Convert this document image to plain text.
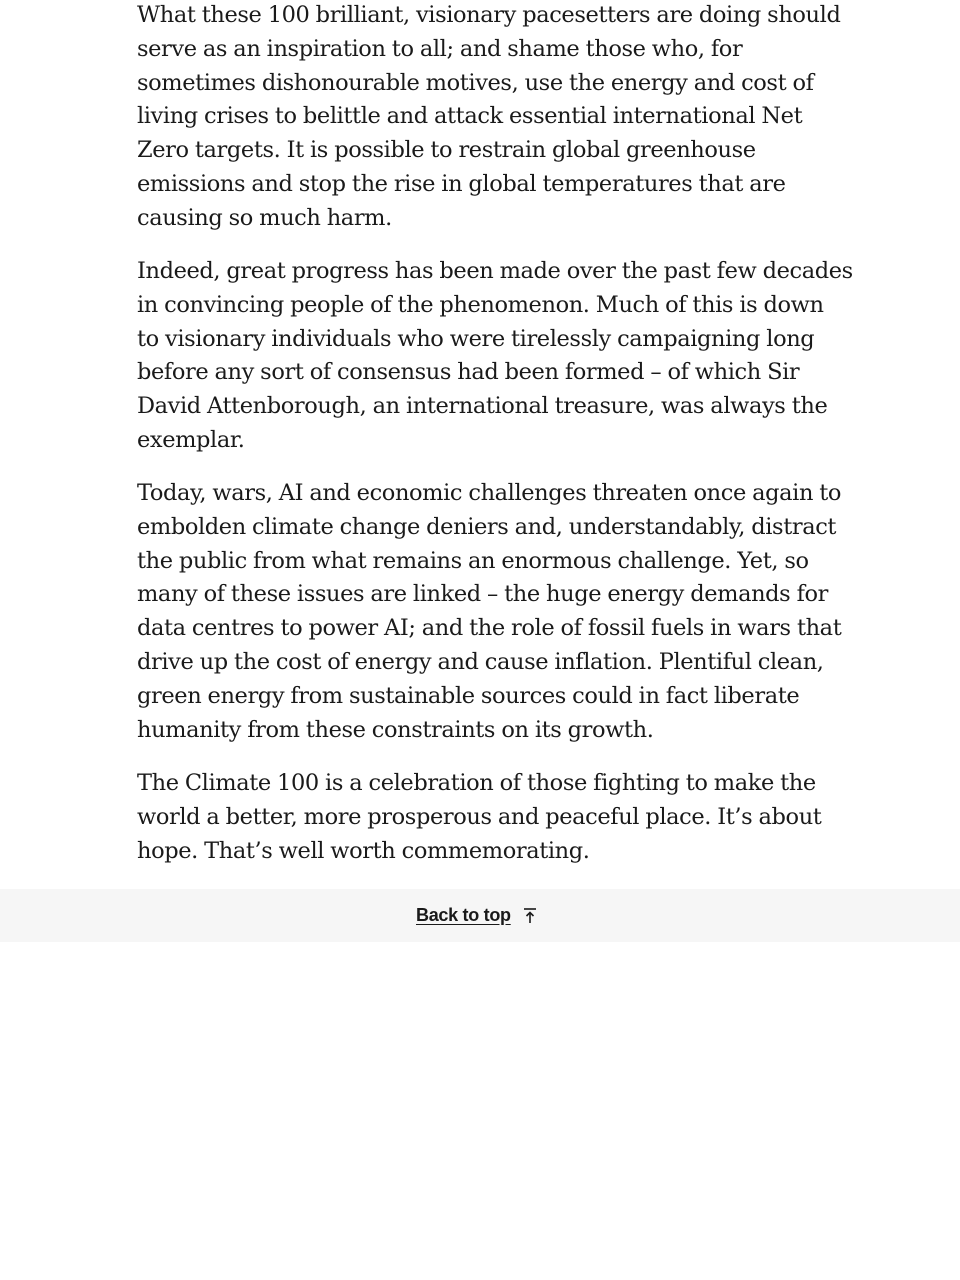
What these 100 brilliant, visionary pacesetters are doing should
serve as an inspiration to all; and shame those who, for
sometimes dishonourable motives, use the energy and cost of
living crises to belittle and attack essential international Net
Zero targets. It is possible to restrain global greenhouse
emissions and stop the rise in global temperatures that are
causing so much harm.

Indeed, great progress has been made over the past few decades
in convincing people of the phenomenon. Much of this is down
to visionary individuals who were tirelessly campaigning long
before any sort of consensus had been formed – of which Sir
David Attenborough, an international treasure, was always the
exemplar.

Today, wars, AI and economic challenges threaten once again to
embolden climate change deniers and, understandably, distract
the public from what remains an enormous challenge. Yet, so
many of these issues are linked – the huge energy demands for
data centres to power AI; and the role of fossil fuels in wars that
drive up the cost of energy and cause inflation. Plentiful clean,
green energy from sustainable sources could in fact liberate
humanity from these constraints on its growth.

The Climate 100 is a celebration of those fighting to make the
world a better, more prosperous and peaceful place. It’s about
hope. That’s well worth commemorating.

Back to top
